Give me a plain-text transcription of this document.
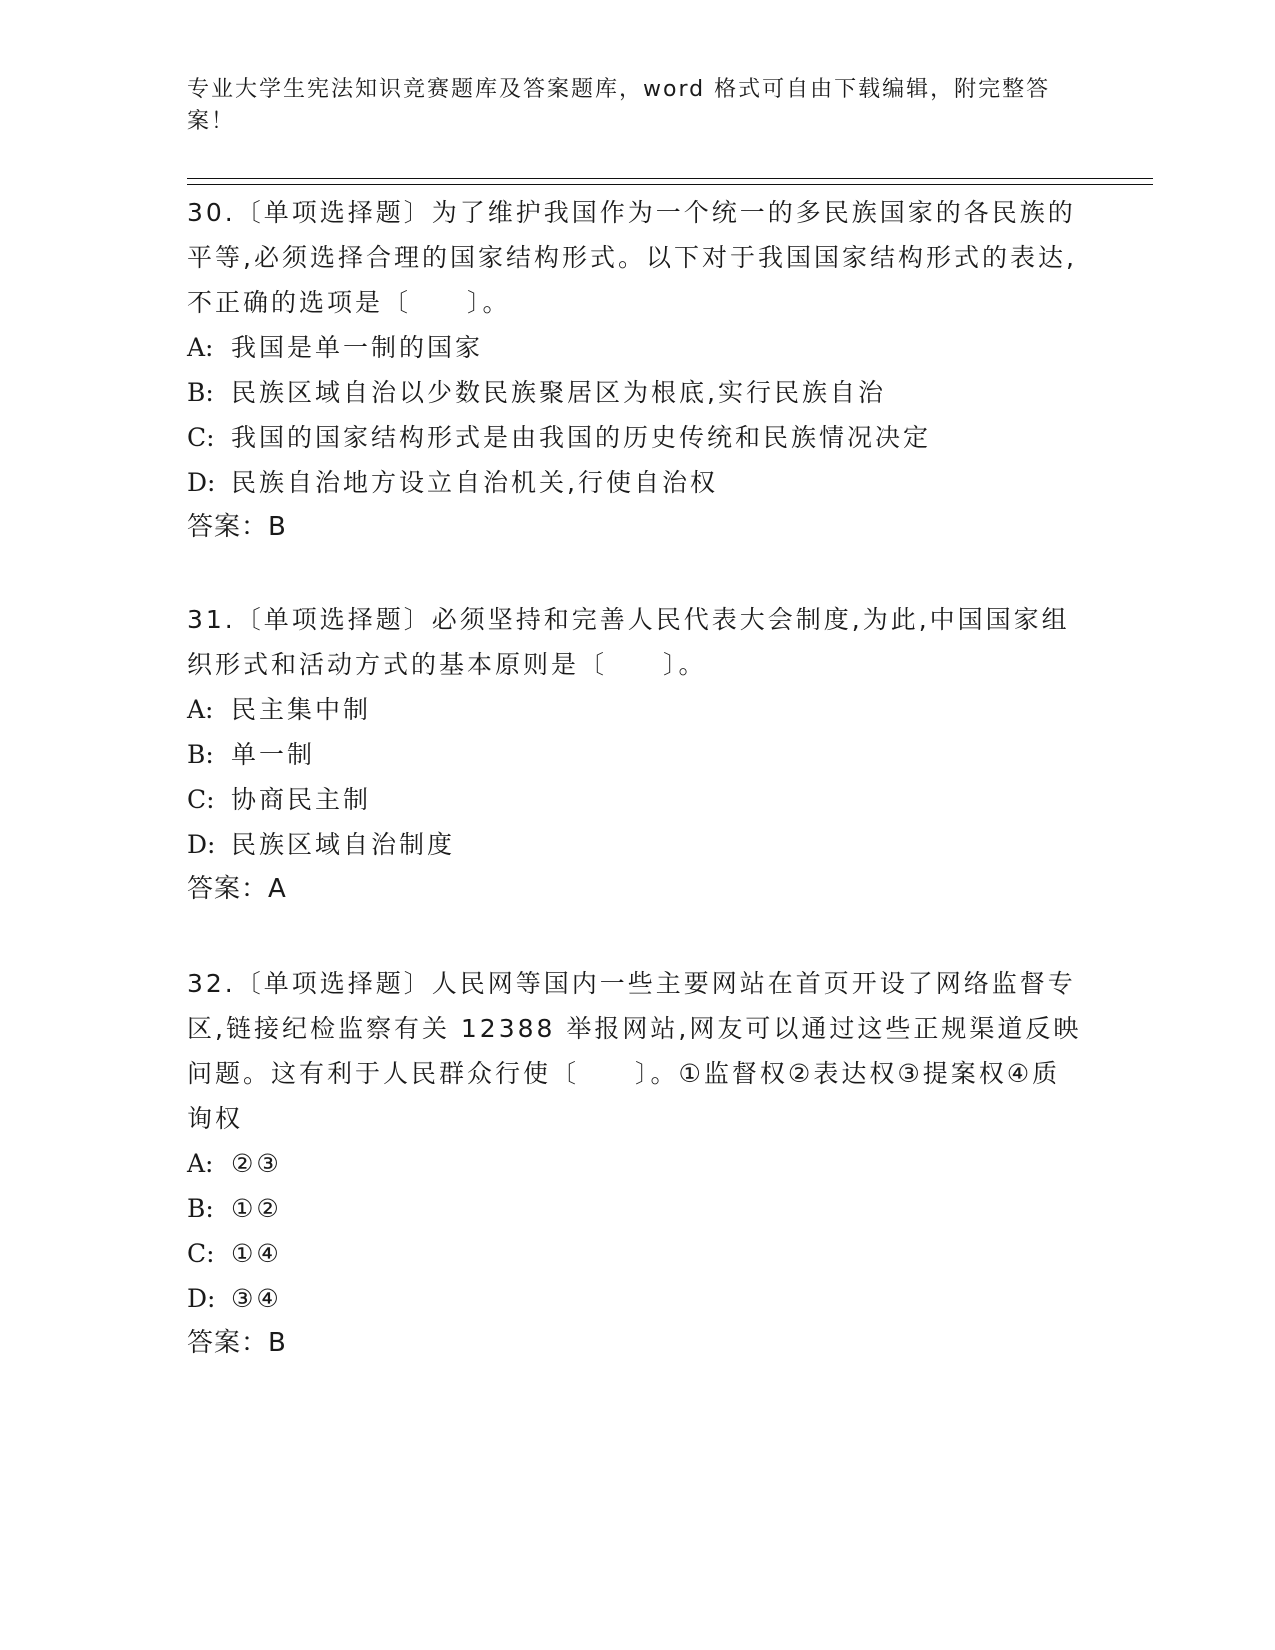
专业大学生宪法知识竞赛题库及答案题库，word 格式可自由下载编辑，附完整答案！

30.〔单项选择题〕为了维护我国作为一个统一的多民族国家的各民族的平等,必须选择合理的国家结构形式。以下对于我国国家结构形式的表达,不正确的选项是〔　　〕。

A: 我国是单一制的国家
B: 民族区域自治以少数民族聚居区为根底,实行民族自治
C: 我国的国家结构形式是由我国的历史传统和民族情况决定
D: 民族自治地方设立自治机关,行使自治权
答案：B

31.〔单项选择题〕必须坚持和完善人民代表大会制度,为此,中国国家组织形式和活动方式的基本原则是〔　　〕。

A: 民主集中制
B: 单一制
C: 协商民主制
D: 民族区域自治制度
答案：A

32.〔单项选择题〕人民网等国内一些主要网站在首页开设了网络监督专区,链接纪检监察有关 12388 举报网站,网友可以通过这些正规渠道反映问题。这有利于人民群众行使〔　　〕。①监督权②表达权③提案权④质询权

A: ②③
B: ①②
C: ①④
D: ③④
答案：B
